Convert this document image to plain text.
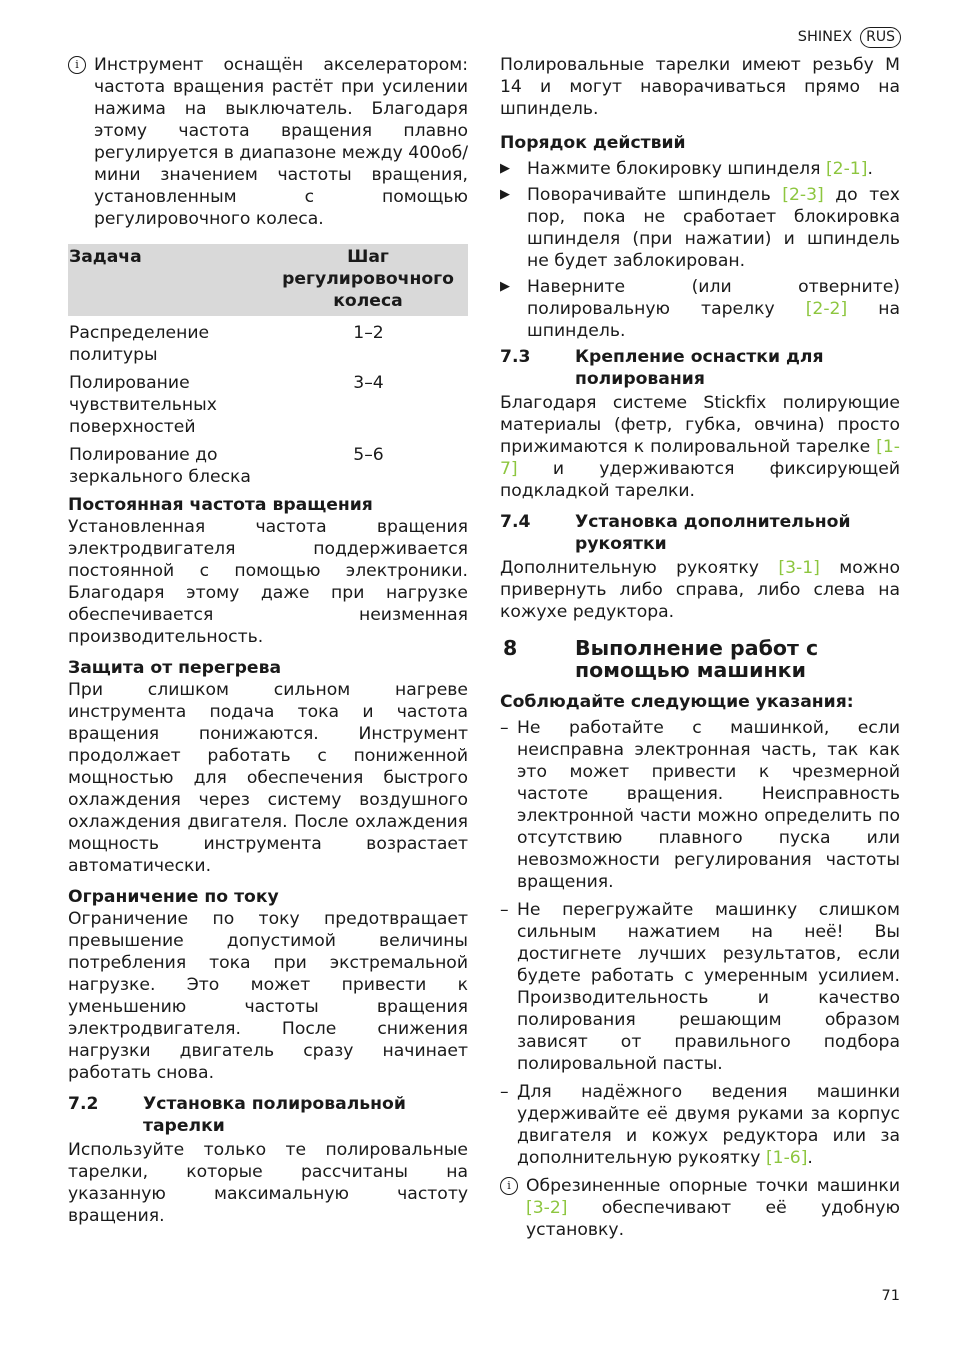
SHINEX	RUS
i Инструмент оснащён акселератором: частота вращения растёт при усилении нажима на выключатель. Благодаря этому частота вращения плавно регулируется в диапазоне между 400об/мини значением частоты вращения, установленным с помощью регулировочного колеса.
Задача	Шаг регулировочного колеса
Распределение политуры	1–2
Полирование чувствительных поверхностей	3–4
Полирование до зеркального блеска	5–6
Постоянная частота вращения

Установленная частота вращения электродвигателя поддерживается постоянной с помощью электроники. Благодаря этому даже при нагрузке обеспечивается неизменная производительность.

Защита от перегрева

При слишком сильном нагреве инструмента подача тока и частота вращения понижаются. Инструмент продолжает работать с пониженной мощностью для обеспечения быстрого охлаждения через систему воздушного охлаждения двигателя. После охлаждения мощность инструмента возрастает автоматически.

Ограничение по току

Ограничение по току предотвращает превышение допустимой величины потребления тока при экстремальной нагрузке. Это может привести к уменьшению частоты вращения электродвигателя. После снижения нагрузки двигатель сразу начинает работать снова.

7.2	Установка полировальной тарелки

Используйте только те полировальные тарелки, которые рассчитаны на указанную максимальную частоту вращения.

Полировальные тарелки имеют резьбу М 14 и могут наворачиваться прямо на шпиндель.

Порядок действий
▶ Нажмите блокировку шпинделя [2-1].
▶ Поворачивайте шпиндель [2-3] до тех пор, пока не сработает блокировка шпинделя (при нажатии) и шпиндель не будет заблокирован.
▶ Наверните (или отверните) полировальную тарелку [2-2] на шпиндель.
7.3	Крепление оснастки для полирования

Благодаря системе Stickfix полирующие материалы (фетр, губка, овчина) просто прижимаются к полировальной тарелке [1-7] и удерживаются фиксирующей подкладкой тарелки.

7.4	Установка дополнительной рукоятки

Дополнительную рукоятку [3-1] можно привернуть либо справа, либо слева на кожухе редуктора.

8	Выполнение работ с помощью машинки
Соблюдайте следующие указания:
– Не работайте с машинкой, если неисправна электронная часть, так как это может привести к чрезмерной частоте вращения. Неисправность электронной части можно определить по отсутствию плавного пуска или невозможности регулирования частоты вращения.
– Не перегружайте машинку слишком сильным нажатием на неё! Вы достигнете лучших результатов, если будете работать с умеренным усилием. Производительность и качество полирования решающим образом зависят от правильного подбора полировальной пасты.
– Для надёжного ведения машинки удерживайте её двумя руками за корпус двигателя и кожух редуктора или за дополнительную рукоятку [1-6].
i Обрезиненные опорные точки машинки [3-2] обеспечивают её удобную установку.
71
